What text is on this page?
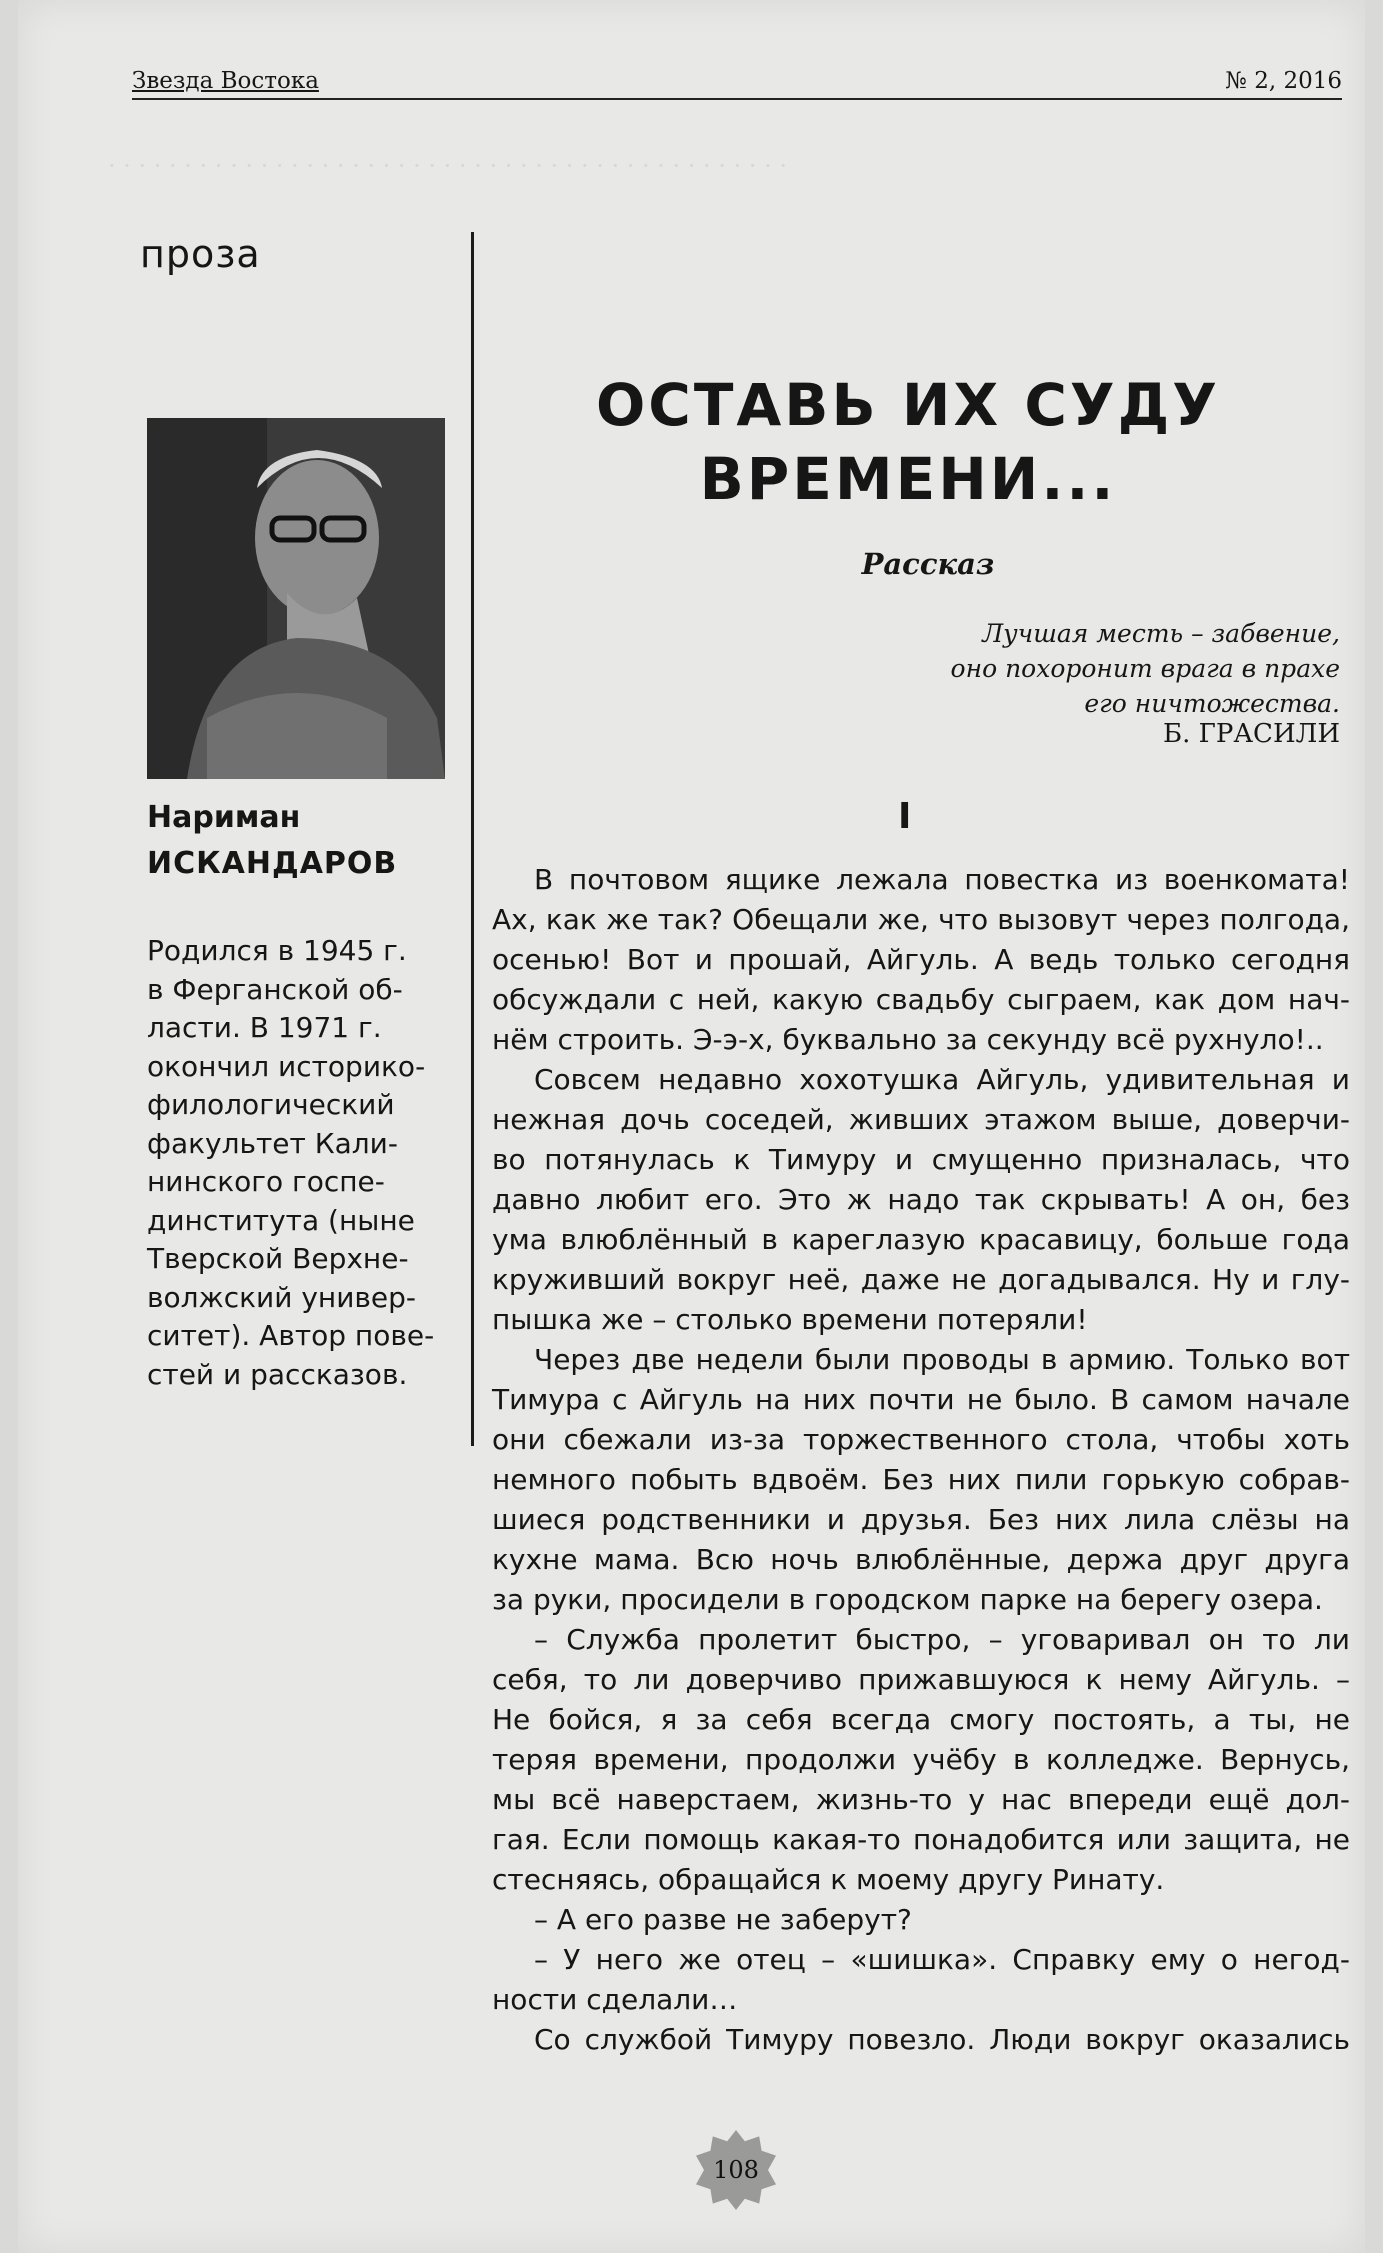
· · · · · · · · · · · · · · · · · · · · · · · · · · · · · · · · · · · · · · · · · · · · ·

Звезда Востока	№ 2, 2016
проза
Нариман
ИСКАНДАРОВ
Родился в 1945 г.
в Ферганской об-
ласти. В 1971 г.
окончил историко-
филологический
факультет Кали-
нинского госпе-
динститута (ныне
Тверской Верхне-
волжский универ-
ситет). Автор пове-
стей и рассказов.
ОСТАВЬ ИХ СУДУ
ВРЕМЕНИ...
Рассказ
Лучшая месть – забвение,
оно похоронит врага в прахе
его ничтожества.
Б. ГРАСИЛИ
I
В почтовом ящике лежала повестка из военкомата!
Ах, как же так? Обещали же, что вызовут через полгода,
осенью! Вот и прошай, Айгуль. А ведь только сегодня
обсуждали с ней, какую свадьбу сыграем, как дом нач-
нём строить. Э-э-х, буквально за секунду всё рухнуло!..
Совсем недавно хохотушка Айгуль, удивительная и
нежная дочь соседей, живших этажом выше, доверчи-
во потянулась к Тимуру и смущенно призналась, что
давно любит его. Это ж надо так скрывать! А он, без
ума влюблённый в кареглазую красавицу, больше года
круживший вокруг неё, даже не догадывался. Ну и глу-
пышка же – столько времени потеряли!
Через две недели были проводы в армию. Только вот
Тимура с Айгуль на них почти не было. В самом начале
они сбежали из-за торжественного стола, чтобы хоть
немного побыть вдвоём. Без них пили горькую собрав-
шиеся родственники и друзья. Без них лила слёзы на
кухне мама. Всю ночь влюблённые, держа друг друга
за руки, просидели в городском парке на берегу озера.
– Служба пролетит быстро, – уговаривал он то ли
себя, то ли доверчиво прижавшуюся к нему Айгуль. –
Не бойся, я за себя всегда смогу постоять, а ты, не
теряя времени, продолжи учёбу в колледже. Вернусь,
мы всё наверстаем, жизнь-то у нас впереди ещё дол-
гая. Если помощь какая-то понадобится или защита, не
стесняясь, обращайся к моему другу Ринату.
– А его разве не заберут?
– У него же отец – «шишка». Справку ему о негод-
ности сделали…
Со службой Тимуру повезло. Люди вокруг оказались
108
